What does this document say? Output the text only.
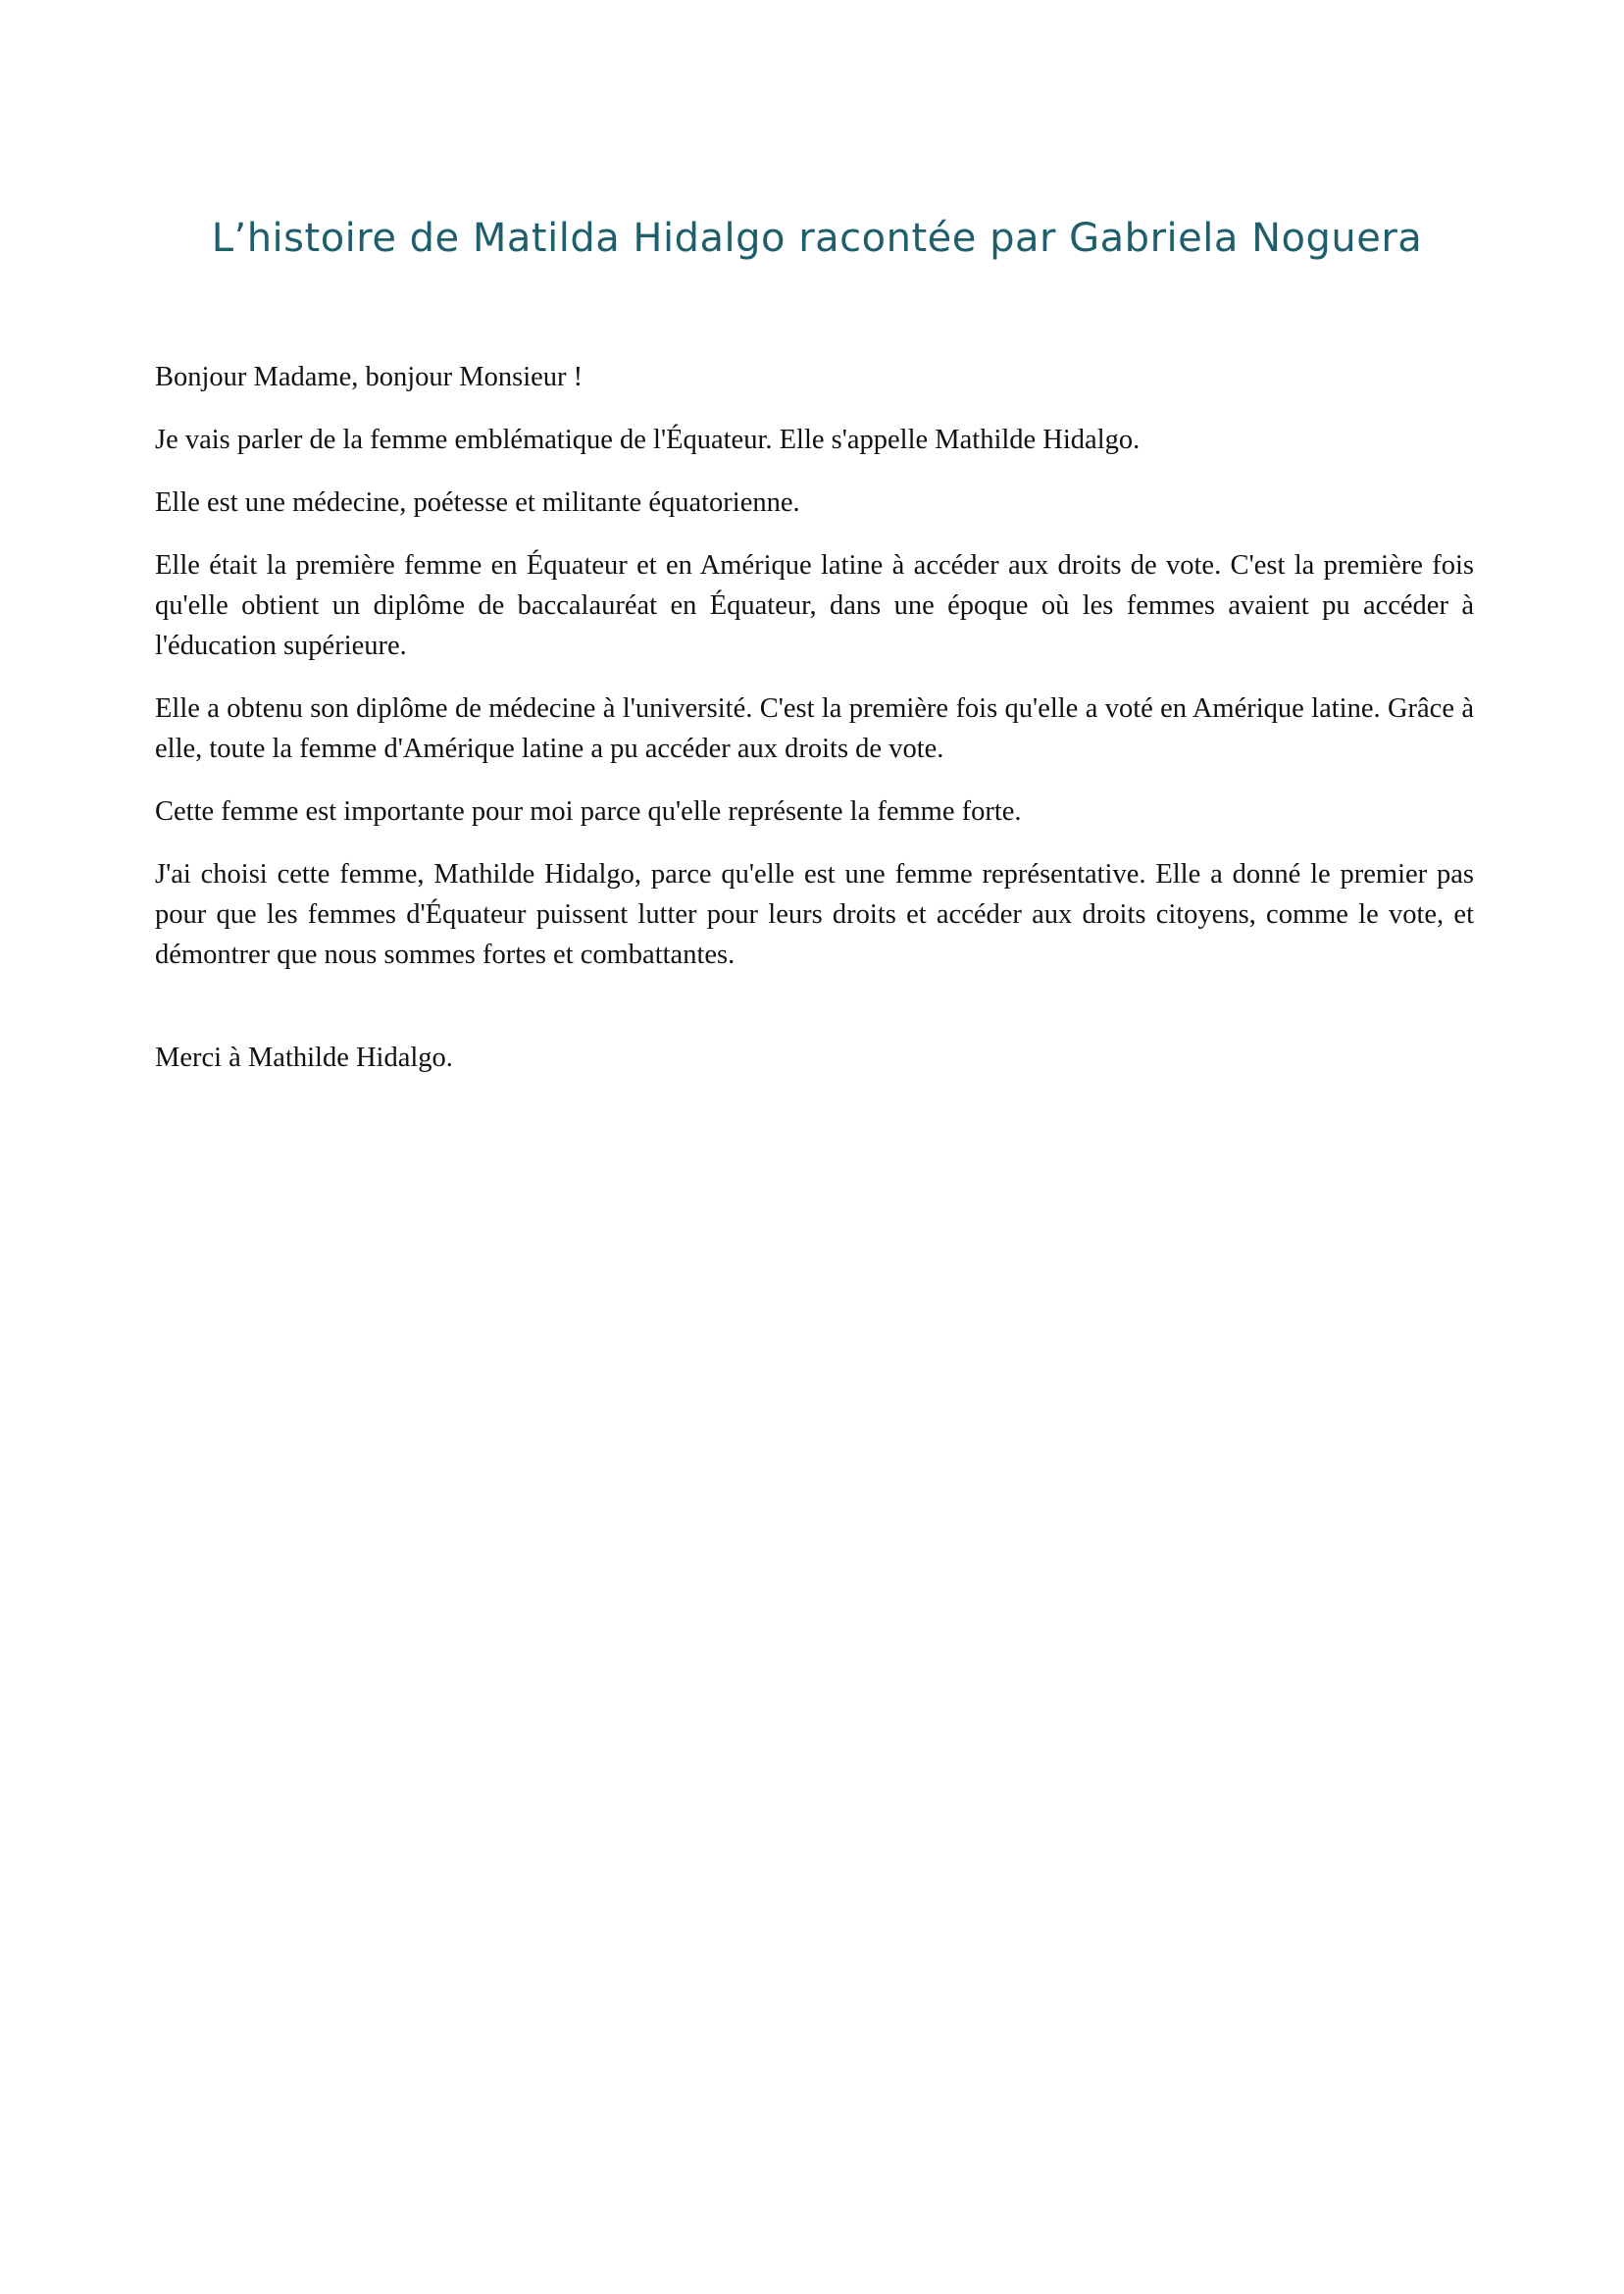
L’histoire de Matilda Hidalgo racontée par Gabriela Noguera

Bonjour Madame, bonjour Monsieur !

Je vais parler de la femme emblématique de l'Équateur. Elle s'appelle Mathilde Hidalgo.

Elle est une médecine, poétesse et militante équatorienne.

Elle était la première femme en Équateur et en Amérique latine à accéder aux droits de vote. C'est la première fois qu'elle obtient un diplôme de baccalauréat en Équateur, dans une époque où les femmes avaient pu accéder à l'éducation supérieure.

Elle a obtenu son diplôme de médecine à l'université. C'est la première fois qu'elle a voté en Amérique latine. Grâce à elle, toute la femme d'Amérique latine a pu accéder aux droits de vote.

Cette femme est importante pour moi parce qu'elle représente la femme forte.

J'ai choisi cette femme, Mathilde Hidalgo, parce qu'elle est une femme représentative. Elle a donné le premier pas pour que les femmes d'Équateur puissent lutter pour leurs droits et accéder aux droits citoyens, comme le vote, et démontrer que nous sommes fortes et combattantes.

Merci à Mathilde Hidalgo.
